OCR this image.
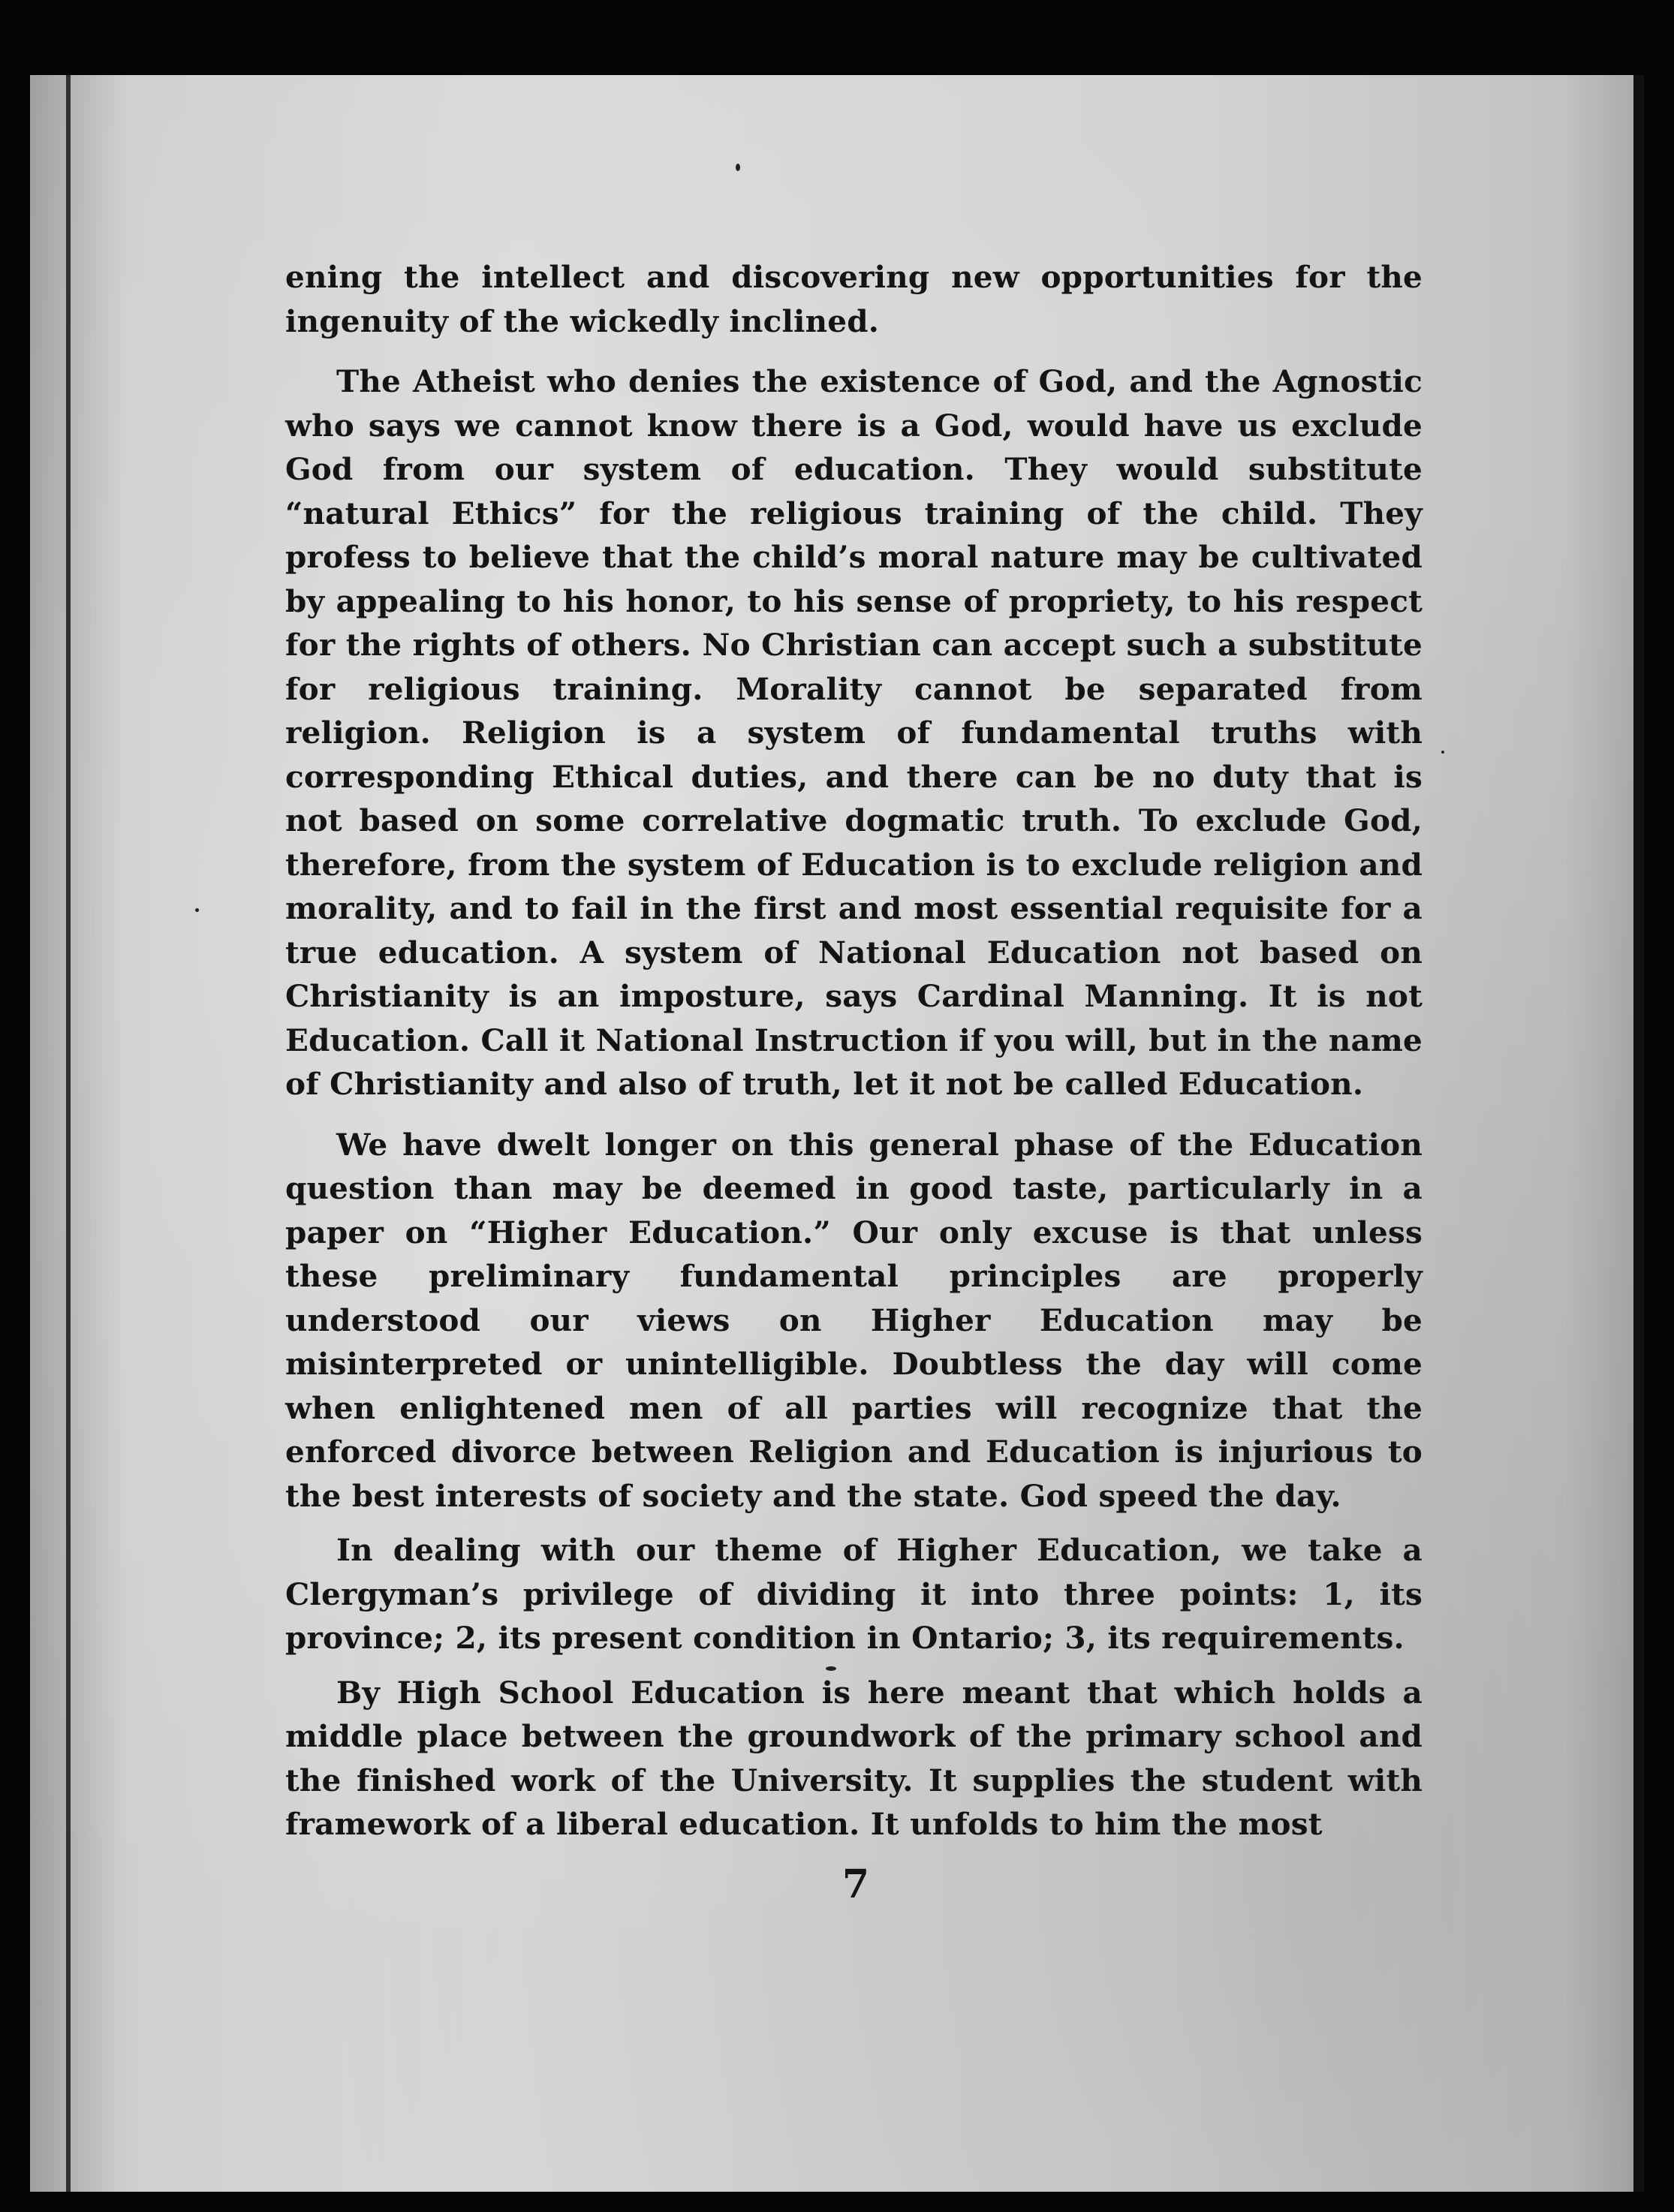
ening the intellect and discovering new opportunities for the ingenuity of the wickedly inclined.

The Atheist who denies the existence of God, and the Agnostic who says we cannot know there is a God, would have us exclude God from our system of education. They would substitute “natural Ethics” for the religious training of the child. They profess to believe that the child’s moral nature may be cultivated by appealing to his honor, to his sense of propriety, to his respect for the rights of others. No Christian can accept such a substitute for religious training. Morality cannot be separated from religion. Religion is a system of fundamental truths with corresponding Ethical duties, and there can be no duty that is not based on some correlative dogmatic truth. To exclude God, therefore, from the system of Education is to exclude religion and morality, and to fail in the first and most essential requisite for a true education. A system of National Education not based on Christianity is an imposture, says Cardinal Manning. It is not Education. Call it National Instruction if you will, but in the name of Christianity and also of truth, let it not be called Education.

We have dwelt longer on this general phase of the Education question than may be deemed in good taste, particularly in a paper on “Higher Education.” Our only excuse is that unless these preliminary fundamental principles are properly understood our views on Higher Education may be misinterpreted or unintelligible. Doubtless the day will come when enlightened men of all parties will recognize that the enforced divorce between Religion and Education is injurious to the best interests of society and the state. God speed the day.

In dealing with our theme of Higher Education, we take a Clergyman’s privilege of dividing it into three points: 1, its province; 2, its present condition in Ontario; 3, its requirements.

By High School Education is here meant that which holds a middle place between the groundwork of the primary school and the finished work of the University. It supplies the student with framework of a liberal education. It unfolds to him the most

7
